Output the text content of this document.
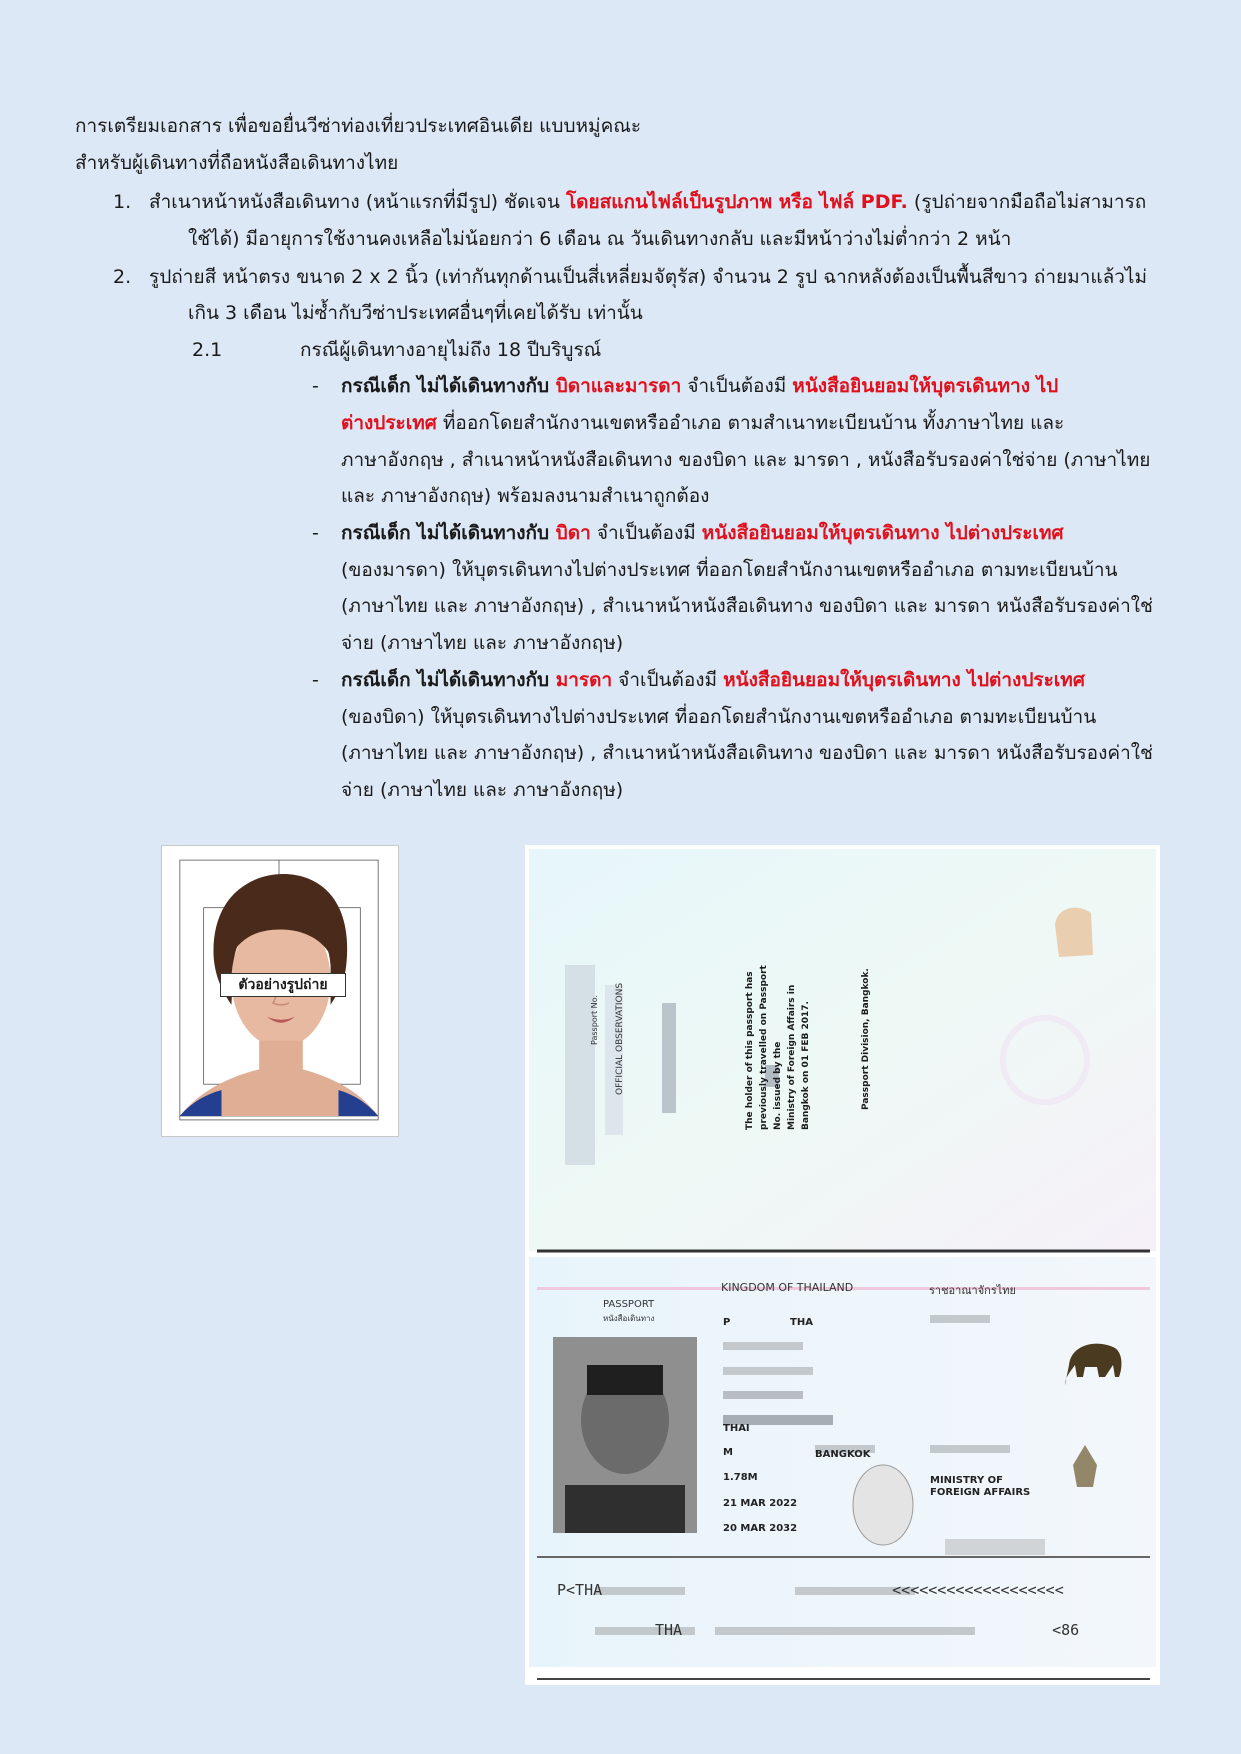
การเตรียมเอกสาร เพื่อขอยื่นวีซ่าท่องเที่ยวประเทศอินเดีย แบบหมู่คณะ
สำหรับผู้เดินทางที่ถือหนังสือเดินทางไทย
1. สำเนาหน้าหนังสือเดินทาง (หน้าแรกที่มีรูป) ชัดเจน โดยสแกนไฟล์เป็นรูปภาพ หรือ ไฟล์ PDF. (รูปถ่ายจากมือถือไม่สามารถ
ใช้ได้) มีอายุการใช้งานคงเหลือไม่น้อยกว่า 6 เดือน ณ วันเดินทางกลับ และมีหน้าว่างไม่ต่ำกว่า 2 หน้า
2. รูปถ่ายสี หน้าตรง ขนาด 2 x 2 นิ้ว (เท่ากันทุกด้านเป็นสี่เหลี่ยมจัตุรัส) จำนวน 2 รูป ฉากหลังต้องเป็นพื้นสีขาว ถ่ายมาแล้วไม่
เกิน 3 เดือน ไม่ซ้ำกับวีซ่าประเทศอื่นๆที่เคยได้รับ เท่านั้น
2.1	กรณีผู้เดินทางอายุไม่ถึง 18 ปีบริบูรณ์
- กรณีเด็ก ไม่ได้เดินทางกับ บิดาและมารดา จำเป็นต้องมี หนังสือยินยอมให้บุตรเดินทาง ไป
ต่างประเทศ ที่ออกโดยสำนักงานเขตหรืออำเภอ ตามสำเนาทะเบียนบ้าน ทั้งภาษาไทย และ
ภาษาอังกฤษ , สำเนาหน้าหนังสือเดินทาง ของบิดา และ มารดา , หนังสือรับรองค่าใช่จ่าย (ภาษาไทย
และ ภาษาอังกฤษ) พร้อมลงนามสำเนาถูกต้อง
- กรณีเด็ก ไม่ได้เดินทางกับ บิดา จำเป็นต้องมี หนังสือยินยอมให้บุตรเดินทาง ไปต่างประเทศ
(ของมารดา) ให้บุตรเดินทางไปต่างประเทศ ที่ออกโดยสำนักงานเขตหรืออำเภอ ตามทะเบียนบ้าน
(ภาษาไทย และ ภาษาอังกฤษ) , สำเนาหน้าหนังสือเดินทาง ของบิดา และ มารดา หนังสือรับรองค่าใช่
จ่าย (ภาษาไทย และ ภาษาอังกฤษ)
- กรณีเด็ก ไม่ได้เดินทางกับ มารดา จำเป็นต้องมี หนังสือยินยอมให้บุตรเดินทาง ไปต่างประเทศ
(ของบิดา) ให้บุตรเดินทางไปต่างประเทศ ที่ออกโดยสำนักงานเขตหรืออำเภอ ตามทะเบียนบ้าน
(ภาษาไทย และ ภาษาอังกฤษ) , สำเนาหน้าหนังสือเดินทาง ของบิดา และ มารดา หนังสือรับรองค่าใช่
จ่าย (ภาษาไทย และ ภาษาอังกฤษ)
ตัวอย่างรูปถ่าย	OFFICIAL OBSERVATIONS
Passport No.	The holder of this passport has previously travelled on Passport No. issued by the Ministry of Foreign Affairs in Bangkok on 01 FEB 2017.	Passport Division, Bangkok.
KINGDOM OF THAILAND	ราชอาณาจักรไทย
PASSPORT
หนังสือเดินทาง	P	THA
THAI
M	BANGKOK
1.78M
21 MAR 2022
20 MAR 2032
MINISTRY OF
FOREIGN AFFAIRS
P<THA	<<<<<<<<<<<<<<<<<<<
THA	<86
